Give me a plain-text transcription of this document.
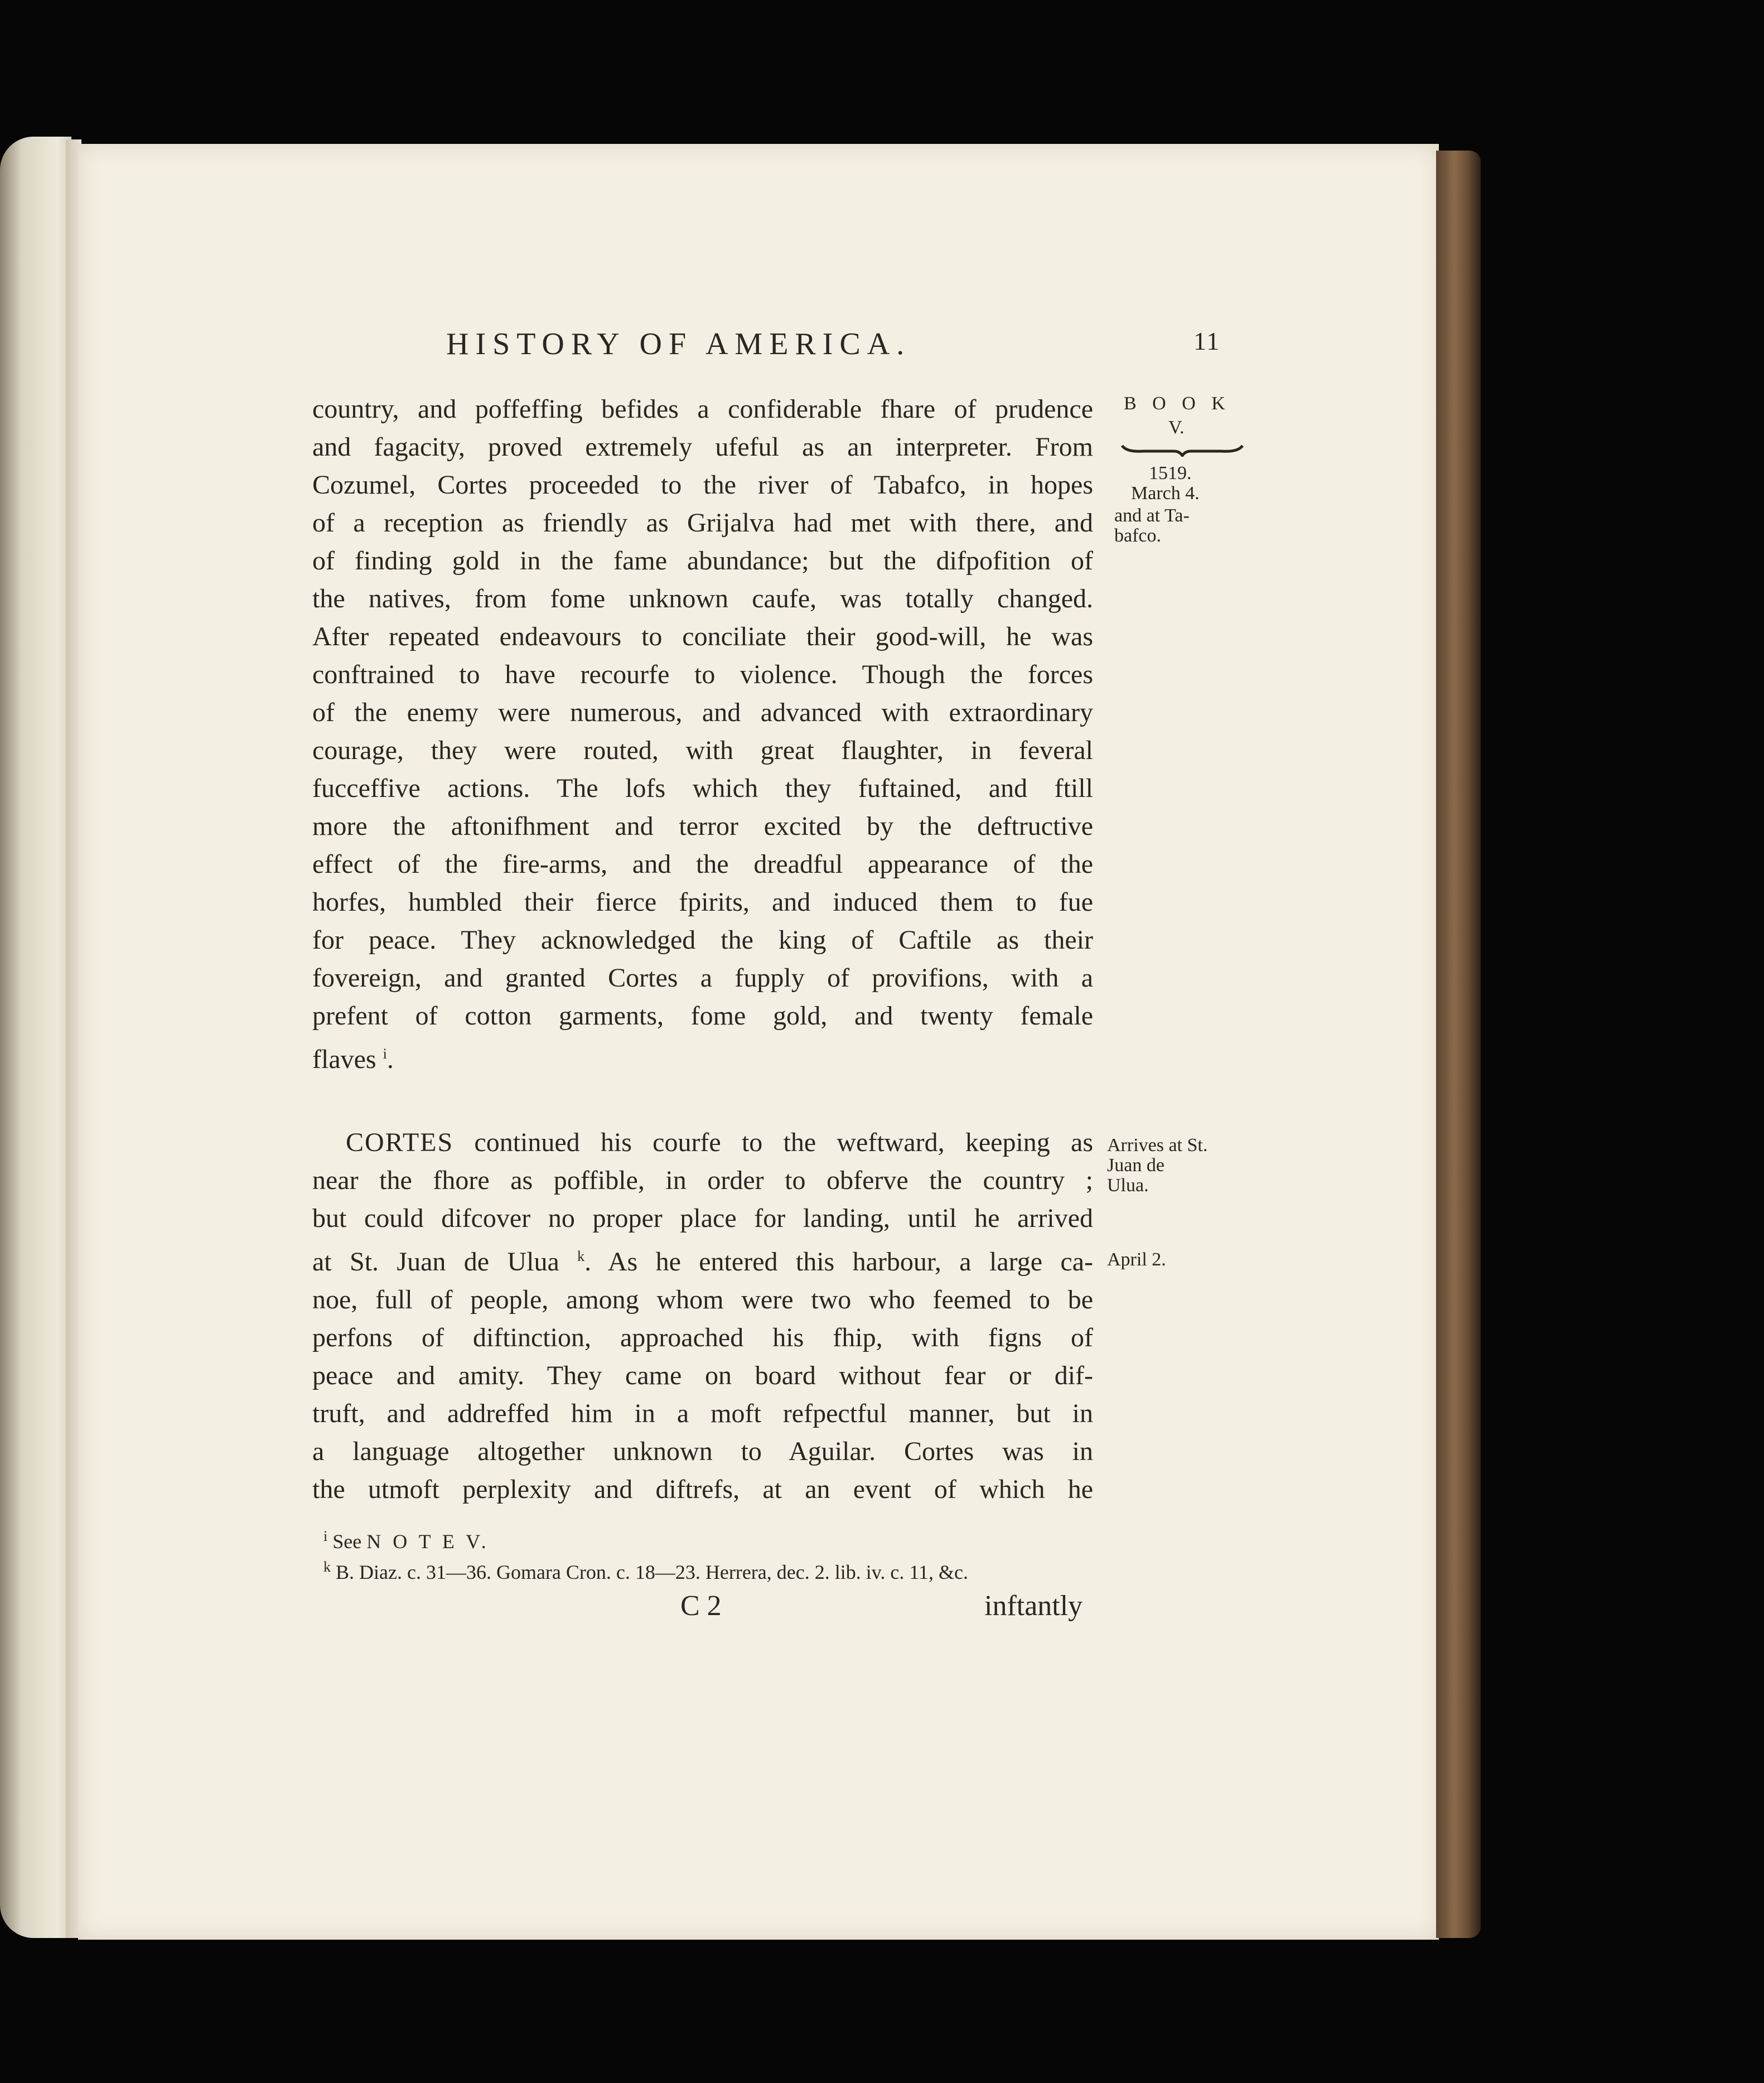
HISTORY OF AMERICA.	11
B O O K
V.
1519.
March 4.
and at Ta-
bafco.
country, and poffeffing befides a confiderable fhare of prudence
and fagacity, proved extremely ufeful as an interpreter. From
Cozumel, Cortes proceeded to the river of Tabafco, in hopes
of a reception as friendly as Grijalva had met with there, and
of finding gold in the fame abundance; but the difpofition of
the natives, from fome unknown caufe, was totally changed.
After repeated endeavours to conciliate their good-will, he was
conftrained to have recourfe to violence. Though the forces
of the enemy were numerous, and advanced with extraordinary
courage, they were routed, with great flaughter, in feveral
fucceffive actions. The lofs which they fuftained, and ftill
more the aftonifhment and terror excited by the deftructive
effect of the fire-arms, and the dreadful appearance of the
horfes, humbled their fierce fpirits, and induced them to fue
for peace. They acknowledged the king of Caftile as their
fovereign, and granted Cortes a fupply of provifions, with a
prefent of cotton garments, fome gold, and twenty female
flaves $^i$.
Arrives at St.
Juan de
Ulua.
April 2.
CORTES continued his courfe to the weftward, keeping as
near the fhore as poffible, in order to obferve the country ;
but could difcover no proper place for landing, until he arrived
at St. Juan de Ulua $^k$. As he entered this harbour, a large ca-
noe, full of people, among whom were two who feemed to be
perfons of diftinction, approached his fhip, with figns of
peace and amity. They came on board without fear or dif-
truft, and addreffed him in a moft refpectful manner, but in
a language altogether unknown to Aguilar. Cortes was in
the utmoft perplexity and diftrefs, at an event of which he
$^i$ See N O T E V.
$^k$ B. Diaz. c. 31—36. Gomara Cron. c. 18—23. Herrera, dec. 2. lib. iv. c. 11, &c.
C 2	inftantly
